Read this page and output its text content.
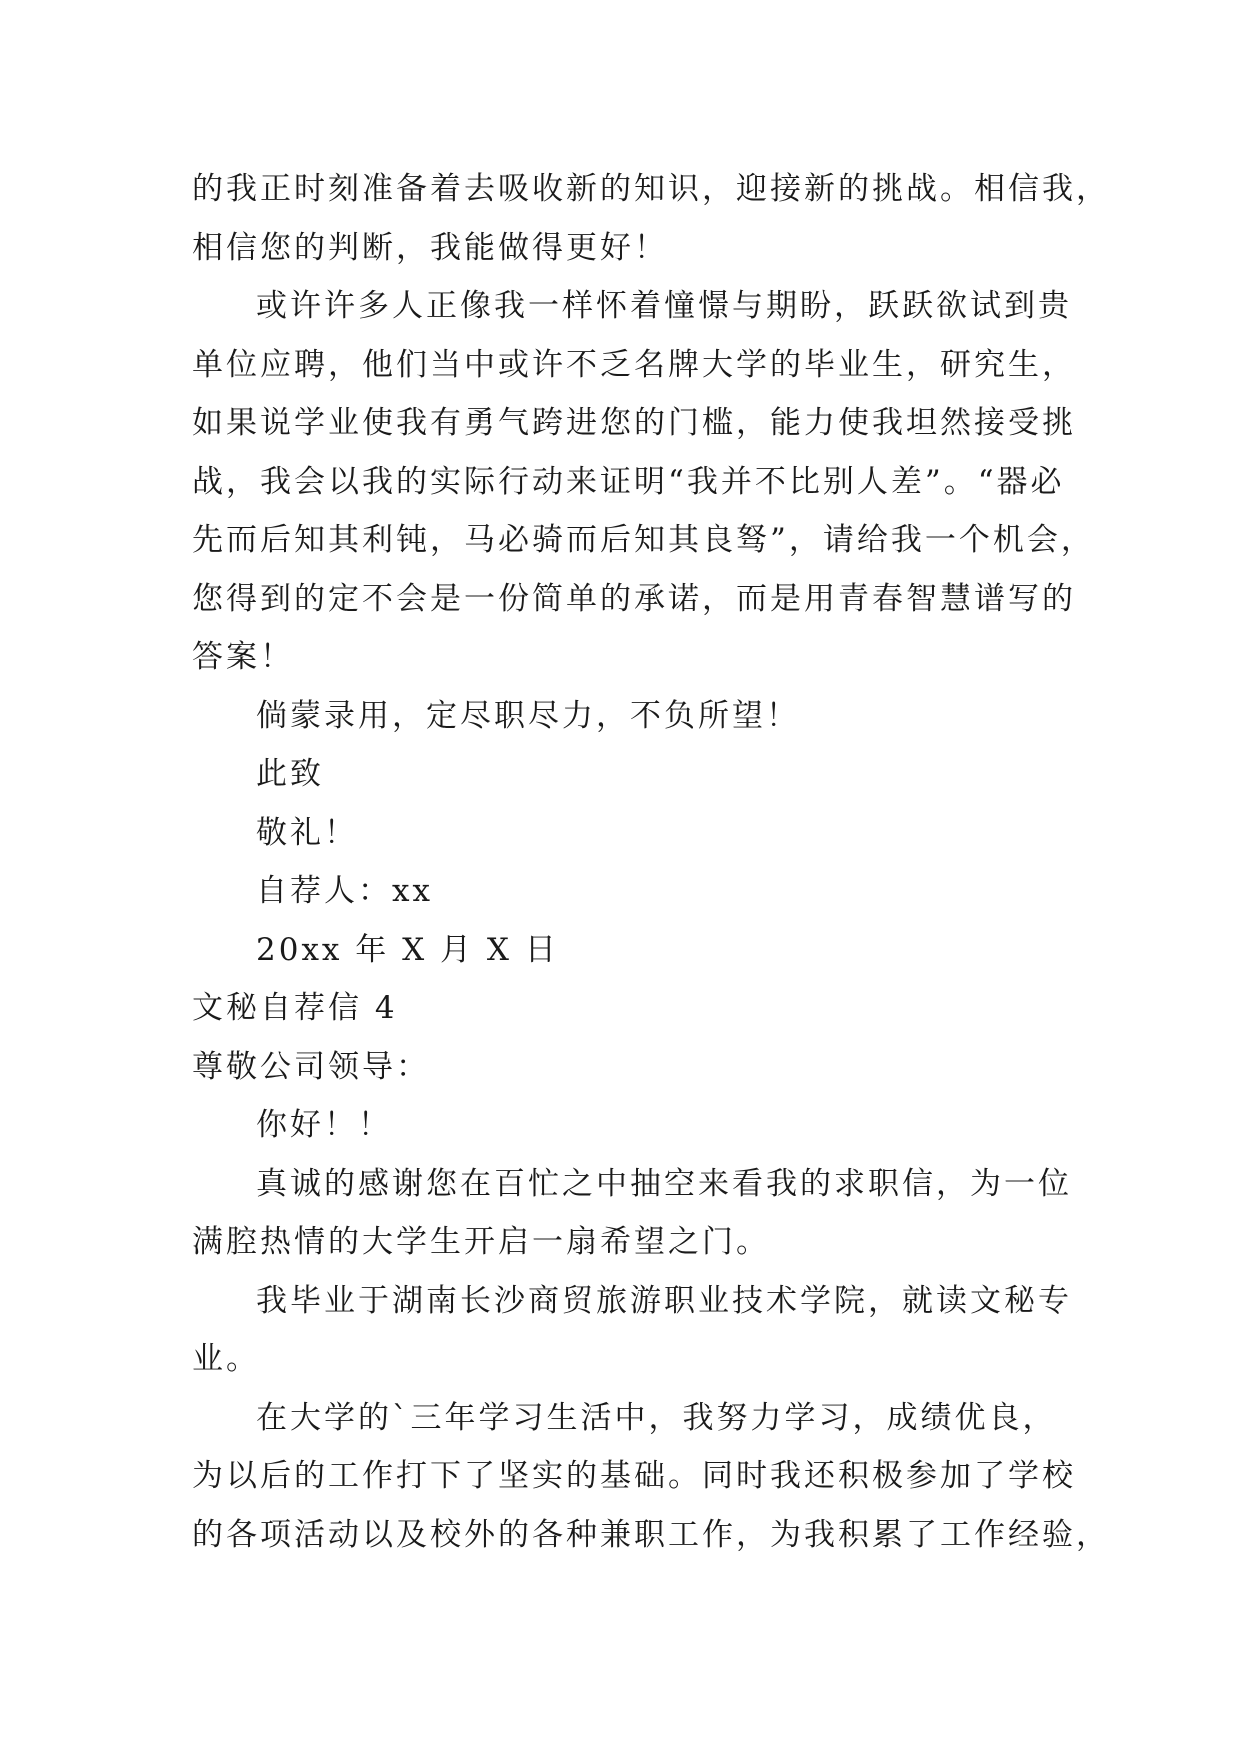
的我正时刻准备着去吸收新的知识，迎接新的挑战。相信我，
相信您的判断，我能做得更好！
或许许多人正像我一样怀着憧憬与期盼，跃跃欲试到贵
单位应聘，他们当中或许不乏名牌大学的毕业生，研究生，
如果说学业使我有勇气跨进您的门槛，能力使我坦然接受挑
战，我会以我的实际行动来证明“我并不比别人差”。“器必
先而后知其利钝，马必骑而后知其良驽”，请给我一个机会，
您得到的定不会是一份简单的承诺，而是用青春智慧谱写的
答案！
倘蒙录用，定尽职尽力，不负所望！
此致
敬礼！
自荐人：xx
20xx 年 X 月 X 日
文秘自荐信 4
尊敬公司领导：
你好！！
真诚的感谢您在百忙之中抽空来看我的求职信，为一位
满腔热情的大学生开启一扇希望之门。
我毕业于湖南长沙商贸旅游职业技术学院，就读文秘专
业。
在大学的`三年学习生活中，我努力学习，成绩优良，
为以后的工作打下了坚实的基础。同时我还积极参加了学校
的各项活动以及校外的各种兼职工作，为我积累了工作经验，
